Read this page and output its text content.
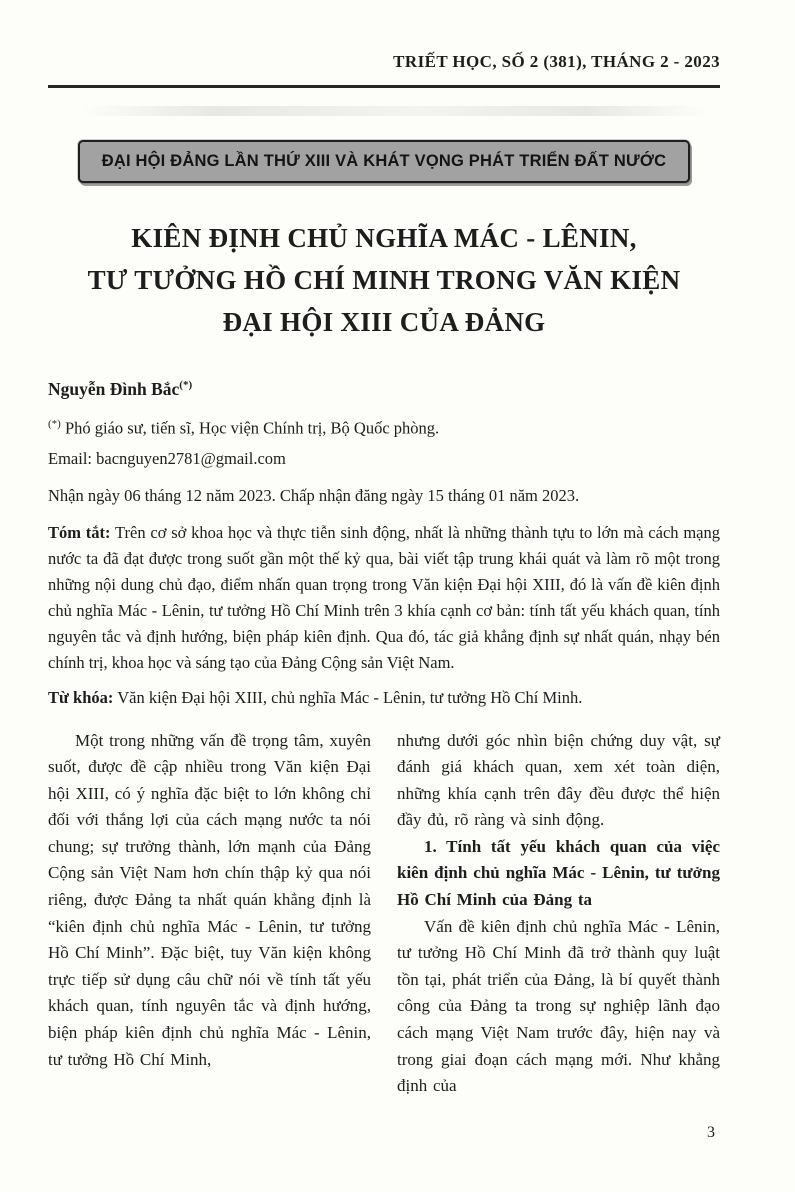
TRIẾT HỌC, SỐ 2 (381), THÁNG 2 - 2023
ĐẠI HỘI ĐẢNG LẦN THỨ XIII VÀ KHÁT VỌNG PHÁT TRIỂN ĐẤT NƯỚC
KIÊN ĐỊNH CHỦ NGHĨA MÁC - LÊNIN,
TƯ TƯỞNG HỒ CHÍ MINH TRONG VĂN KIỆN
ĐẠI HỘI XIII CỦA ĐẢNG
Nguyễn Đình Bắc(*)
(*) Phó giáo sư, tiến sĩ, Học viện Chính trị, Bộ Quốc phòng.
Email: bacnguyen2781@gmail.com
Nhận ngày 06 tháng 12 năm 2023. Chấp nhận đăng ngày 15 tháng 01 năm 2023.

Tóm tắt: Trên cơ sở khoa học và thực tiễn sinh động, nhất là những thành tựu to lớn mà cách mạng nước ta đã đạt được trong suốt gần một thế kỷ qua, bài viết tập trung khái quát và làm rõ một trong những nội dung chủ đạo, điểm nhấn quan trọng trong Văn kiện Đại hội XIII, đó là vấn đề kiên định chủ nghĩa Mác - Lênin, tư tưởng Hồ Chí Minh trên 3 khía cạnh cơ bản: tính tất yếu khách quan, tính nguyên tắc và định hướng, biện pháp kiên định. Qua đó, tác giả khẳng định sự nhất quán, nhạy bén chính trị, khoa học và sáng tạo của Đảng Cộng sản Việt Nam.

Từ khóa: Văn kiện Đại hội XIII, chủ nghĩa Mác - Lênin, tư tưởng Hồ Chí Minh.

Một trong những vấn đề trọng tâm, xuyên suốt, được đề cập nhiều trong Văn kiện Đại hội XIII, có ý nghĩa đặc biệt to lớn không chỉ đối với thắng lợi của cách mạng nước ta nói chung; sự trưởng thành, lớn mạnh của Đảng Cộng sản Việt Nam hơn chín thập kỷ qua nói riêng, được Đảng ta nhất quán khẳng định là “kiên định chủ nghĩa Mác - Lênin, tư tưởng Hồ Chí Minh”. Đặc biệt, tuy Văn kiện không trực tiếp sử dụng câu chữ nói về tính tất yếu khách quan, tính nguyên tắc và định hướng, biện pháp kiên định chủ nghĩa Mác - Lênin, tư tưởng Hồ Chí Minh,

nhưng dưới góc nhìn biện chứng duy vật, sự đánh giá khách quan, xem xét toàn diện, những khía cạnh trên đây đều được thể hiện đầy đủ, rõ ràng và sinh động.

1. Tính tất yếu khách quan của việc kiên định chủ nghĩa Mác - Lênin, tư tưởng Hồ Chí Minh của Đảng ta

Vấn đề kiên định chủ nghĩa Mác - Lênin, tư tưởng Hồ Chí Minh đã trở thành quy luật tồn tại, phát triển của Đảng, là bí quyết thành công của Đảng ta trong sự nghiệp lãnh đạo cách mạng Việt Nam trước đây, hiện nay và trong giai đoạn cách mạng mới. Như khẳng định của

3
